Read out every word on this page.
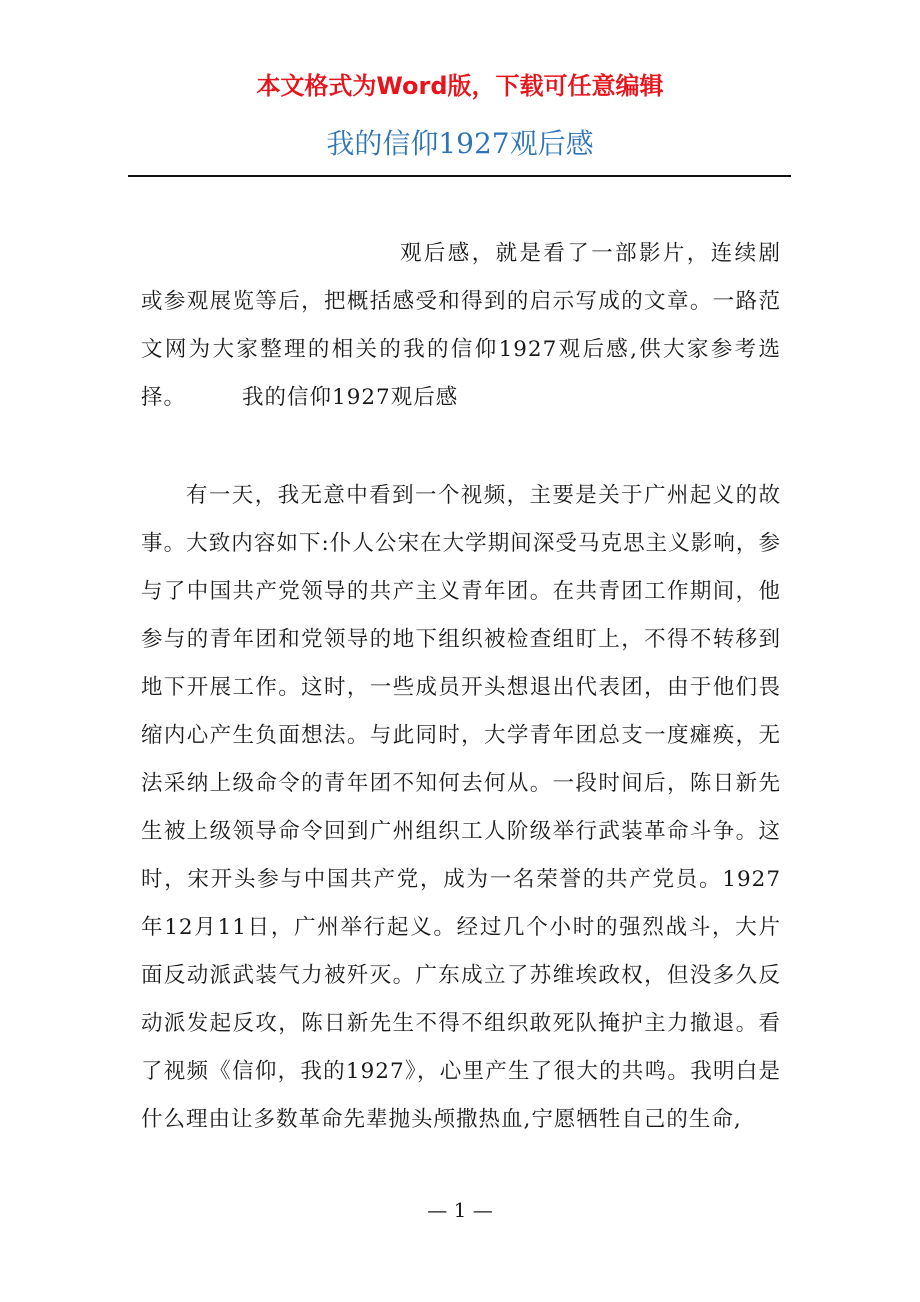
本文格式为Word版，下载可任意编辑
我的信仰1927观后感
观后感，就是看了一部影片，连续剧或参观展览等后，把概括感受和得到的启示写成的文章。一路范文网为大家整理的相关的我的信仰1927观后感,供大家参考选择。	我的信仰1927观后感
有一天，我无意中看到一个视频，主要是关于广州起义的故事。大致内容如下:仆人公宋在大学期间深受马克思主义影响，参与了中国共产党领导的共产主义青年团。在共青团工作期间，他参与的青年团和党领导的地下组织被检查组盯上，不得不转移到地下开展工作。这时，一些成员开头想退出代表团，由于他们畏缩内心产生负面想法。与此同时，大学青年团总支一度瘫痪，无法采纳上级命令的青年团不知何去何从。一段时间后，陈日新先生被上级领导命令回到广州组织工人阶级举行武装革命斗争。这时，宋开头参与中国共产党，成为一名荣誉的共产党员。1927年12月11日，广州举行起义。经过几个小时的强烈战斗，大片面反动派武装气力被歼灭。广东成立了苏维埃政权，但没多久反动派发起反攻，陈日新先生不得不组织敢死队掩护主力撤退。看了视频《信仰，我的1927》，心里产生了很大的共鸣。我明白是什么理由让多数革命先辈抛头颅撒热血,宁愿牺牲自己的生命,
— 1 —
